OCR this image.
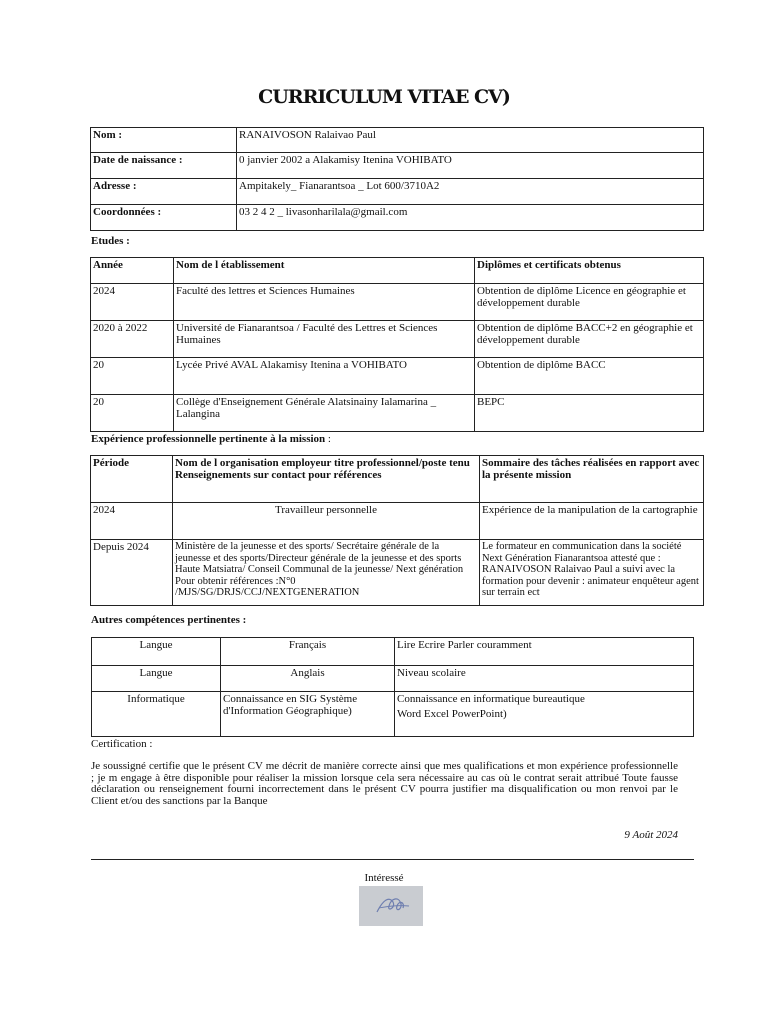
CURRICULUM VITAE CV)
Nom :	RANAIVOSON Ralaivao Paul
Date de naissance :	0 janvier 2002 a Alakamisy Itenina VOHIBATO
Adresse :	Ampitakely_ Fianarantsoa _ Lot 600/3710A2
Coordonnées :	03 2 4 2 _ livasonharilala@gmail.com
Etudes :
Année	Nom de l établissement	Diplômes et certificats obtenus
2024	Faculté des lettres et Sciences Humaines	Obtention de diplôme Licence en géographie et développement durable
2020 à 2022	Université de Fianarantsoa / Faculté des Lettres et Sciences Humaines	Obtention de diplôme BACC+2 en géographie et développement durable
20	Lycée Privé AVAL Alakamisy Itenina a VOHIBATO	Obtention de diplôme BACC
20	Collège d'Enseignement Générale Alatsinainy Ialamarina _ Lalangina	BEPC
Expérience professionnelle pertinente à la mission :
Période	Nom de l organisation employeur titre professionnel/poste tenu Renseignements sur contact pour références	Sommaire des tâches réalisées en rapport avec la présente mission
2024	Travailleur personnelle	Expérience de la manipulation de la cartographie
Depuis 2024	Ministère de la jeunesse et des sports/ Secrétaire générale de la jeunesse et des sports/Directeur générale de la jeunesse et des sports Haute Matsiatra/ Conseil Communal de la jeunesse/ Next génération Pour obtenir références :N°0 /MJS/SG/DRJS/CCJ/NEXTGENERATION	Le formateur en communication dans la société Next Génération Fianarantsoa attesté que : RANAIVOSON Ralaivao Paul a suivi avec la formation pour devenir : animateur enquêteur agent sur terrain ect
Autres compétences pertinentes :
Langue	Français	Lire Ecrire Parler couramment
Langue	Anglais	Niveau scolaire
Informatique	Connaissance en SIG Système d'Information Géographique)	Connaissance en informatique bureautique
Word Excel PowerPoint)
Certification :
Je soussigné certifie que le présent CV me décrit de manière correcte ainsi que mes qualifications et mon expérience professionnelle ; je m engage à être disponible pour réaliser la mission lorsque cela sera nécessaire au cas où le contrat serait attribué Toute fausse déclaration ou renseignement fourni incorrectement dans le présent CV pourra justifier ma disqualification ou mon renvoi par le Client et/ou des sanctions par la Banque
9 Août 2024
Intéressé
